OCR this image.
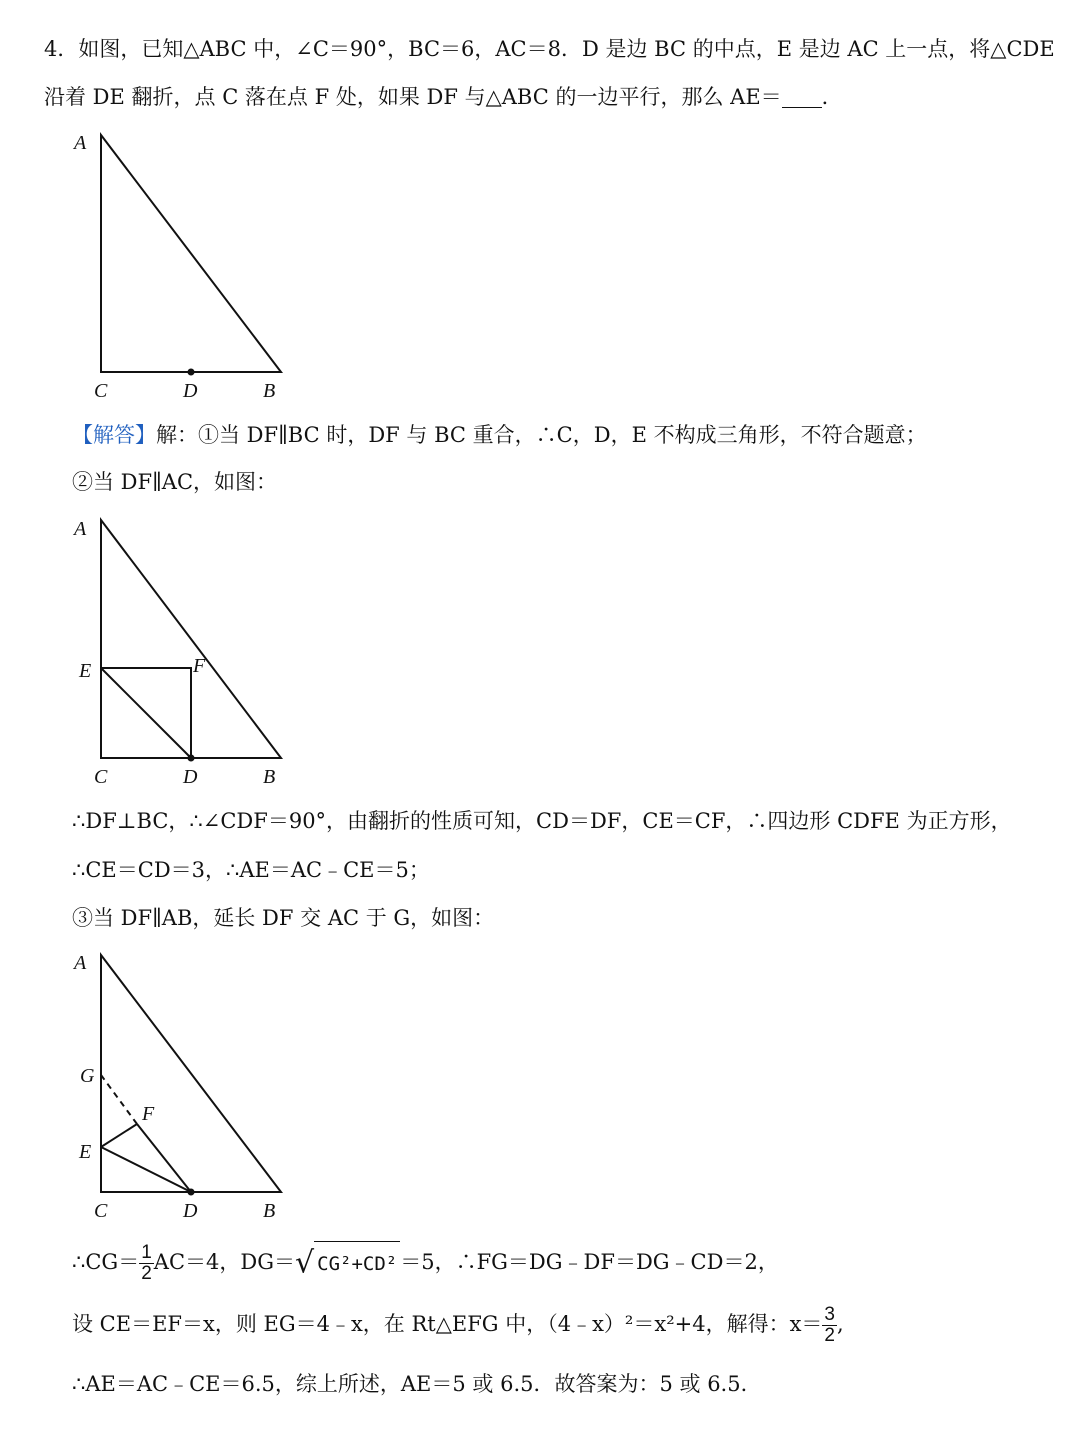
4．如图，已知△ABC 中，∠C＝90°，BC＝6，AC＝8．D 是边 BC 的中点，E 是边 AC 上一点，将△CDE
沿着 DE 翻折，点 C 落在点 F 处，如果 DF 与△ABC 的一边平行，那么 AE＝ ．
A
C	D	B
A
E	F
C	D	B
A
G
F
E
C	D	B
【解答】解：①当 DF∥BC 时，DF 与 BC 重合，∴C，D，E 不构成三角形，不符合题意；
②当 DF∥AC，如图：
∴DF⊥BC，∴∠CDF＝90°，由翻折的性质可知，CD＝DF，CE＝CF，∴四边形 CDFE 为正方形，
∴CE＝CD＝3，∴AE＝AC﹣CE＝5；
③当 DF∥AB，延长 DF 交 AC 于 G，如图：
∴CG＝ $\frac{1}{2} AC=4$，DG＝√ CG²+CD² ＝5，∴FG＝DG﹣DF＝DG﹣CD＝2，
设 CE＝EF＝x，则 EG＝4﹣x，在 Rt△EFG 中，（4﹣x）²＝x²+4，解得：$x= \frac{3}{2}$ ,
∴AE＝AC﹣CE＝6.5，综上所述，AE＝5 或 6.5．故答案为：5 或 6.5．
